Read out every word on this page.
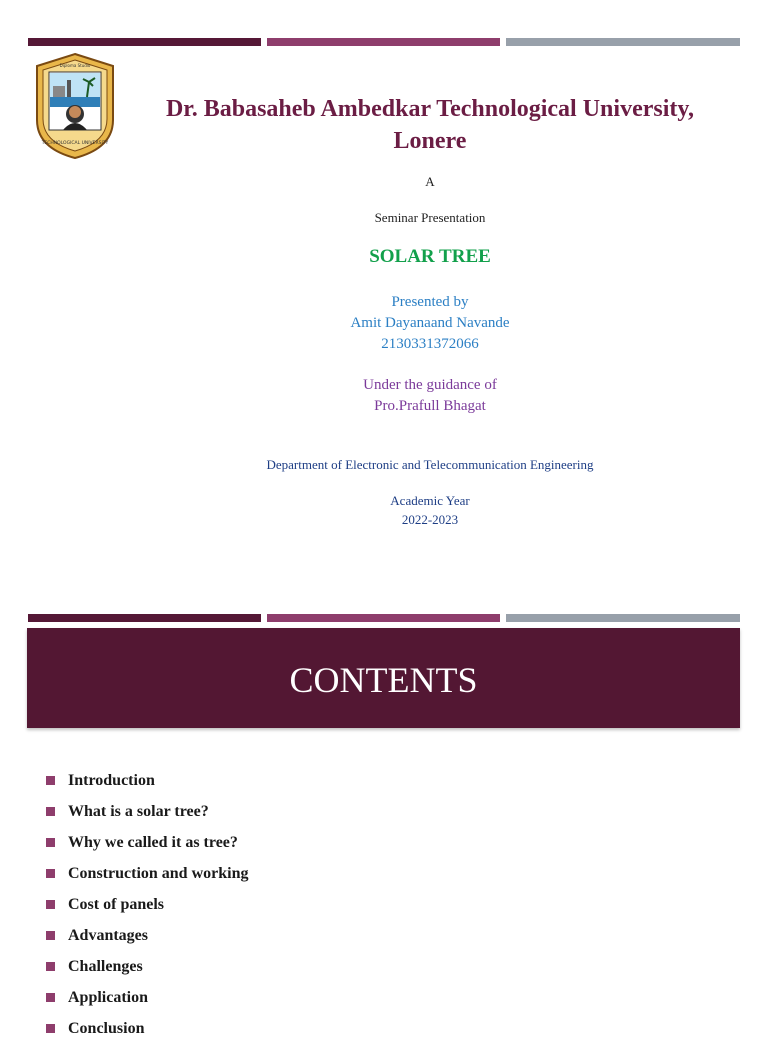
Diploma Studio
TECHNOLOGICAL UNIVERSITY
Dr. Babasaheb Ambedkar Technological University, Lonere
A
Seminar Presentation
SOLAR TREE
Presented by
Amit Dayanaand Navande
2130331372066
Under the guidance of
Pro.Prafull Bhagat
Department of Electronic and Telecommunication Engineering
Academic Year
2022-2023
CONTENTS
Introduction
What is a solar tree?
Why we called it as tree?
Construction and working
Cost of panels
Advantages
Challenges
Application
Conclusion
